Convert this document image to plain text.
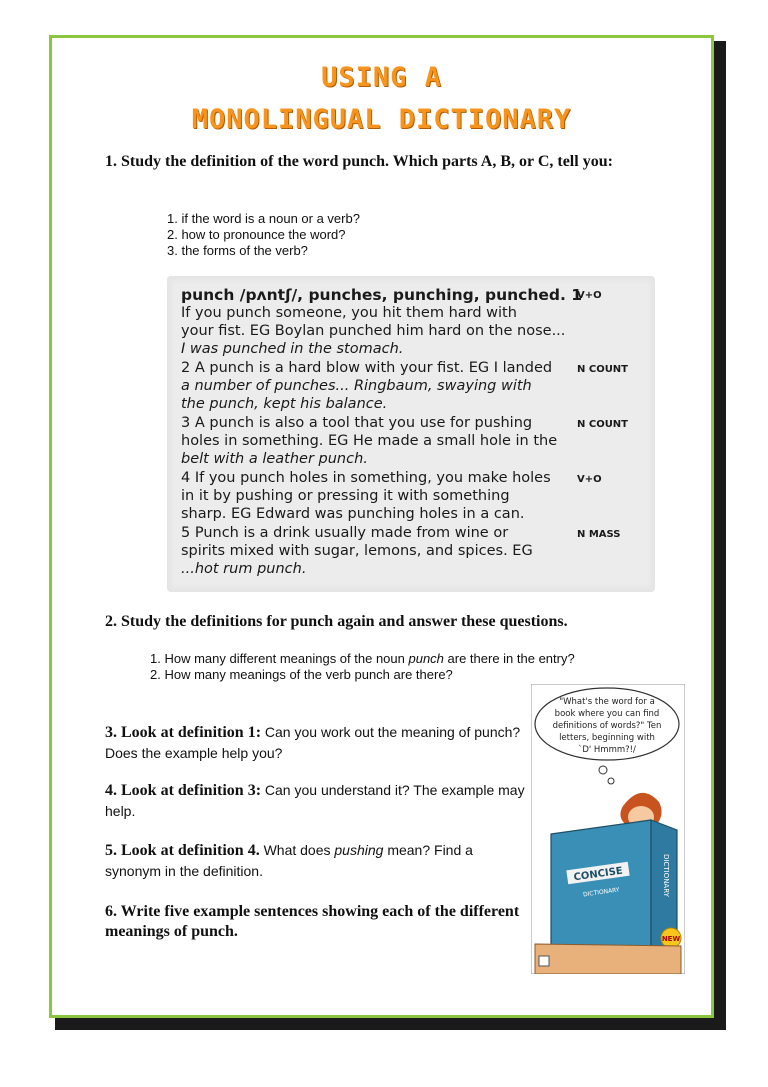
USING A
MONOLINGUAL DICTIONARY
1. Study the definition of the word punch. Which parts A, B, or C, tell you:
1. if the word is a noun or a verb?
2. how to pronounce the word?
3. the forms of the verb?
punch /pʌntʃ/, punches, punching, punched. 1
If you punch someone, you hit them hard with
your fist. EG Boylan punched him hard on the nose...
I was punched in the stomach.
2 A punch is a hard blow with your fist. EG I landed
a number of punches... Ringbaum, swaying with
the punch, kept his balance.
3 A punch is also a tool that you use for pushing
holes in something. EG He made a small hole in the
belt with a leather punch.
4 If you punch holes in something, you make holes
in it by pushing or pressing it with something
sharp. EG Edward was punching holes in a can.
5 Punch is a drink usually made from wine or
spirits mixed with sugar, lemons, and spices. EG
...hot rum punch.
V+O
N COUNT
N COUNT
V+O
N MASS
2. Study the definitions for punch again and answer these questions.
1. How many different meanings of the noun punch are there in the entry?
2. How many meanings of the verb punch are there?
3. Look at definition 1: Can you work out the meaning of punch? Does the example help you?
4. Look at definition 3: Can you understand it? The example may help.
5. Look at definition 4. What does pushing mean? Find a synonym in the definition.
6. Write five example sentences showing each of the different meanings of punch.
"What's the word for a
book where you can find
definitions of words?" Ten
letters, beginning with
`D' Hmmm?!/
CONCISE
DICTIONARY	DICTIONARY
NEW
